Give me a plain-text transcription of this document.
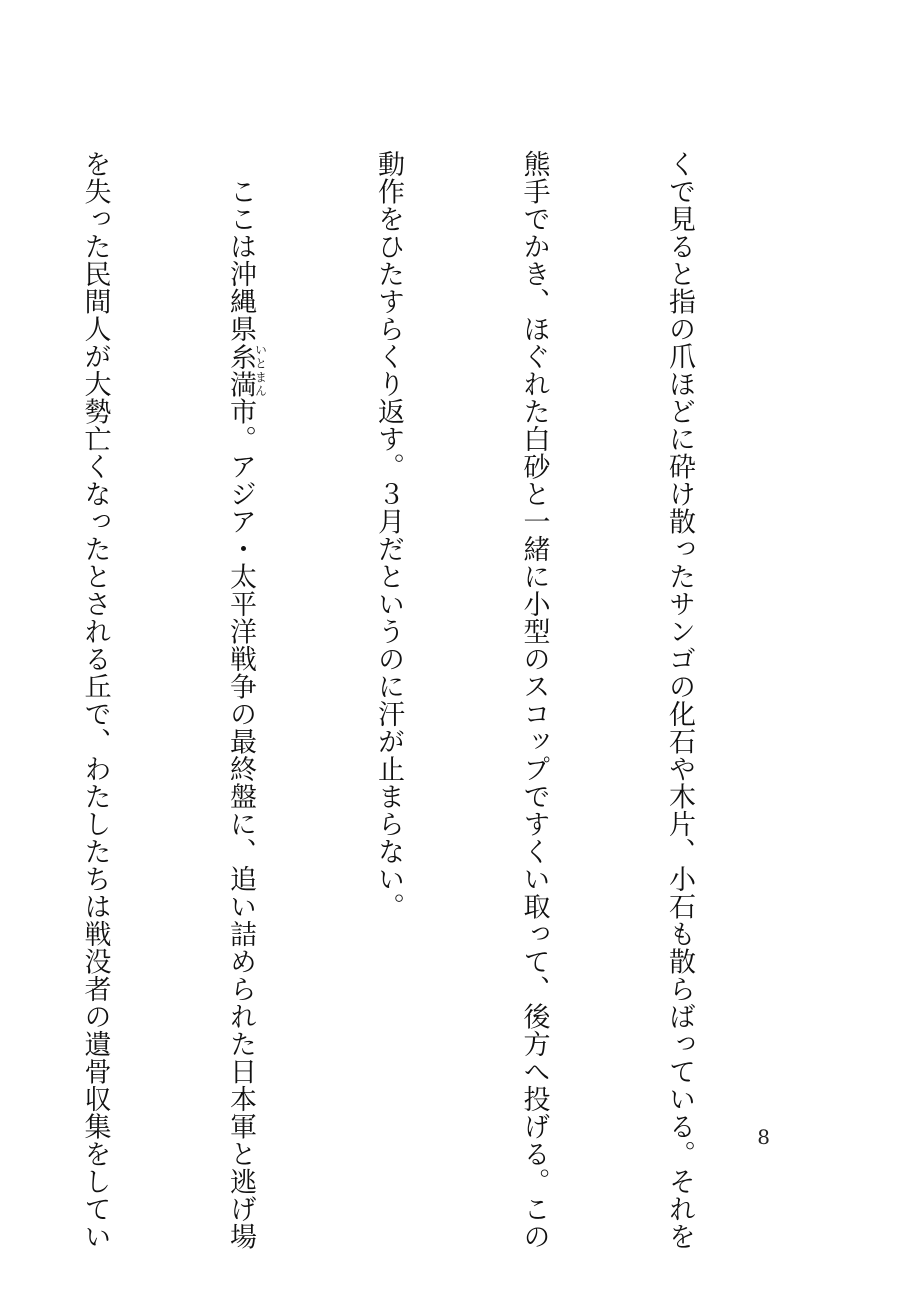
くで見ると指の爪ほどに砕け散ったサンゴの化石や木片、小石も散らばっている。それを

熊手でかき、ほぐれた白砂と一緒に小型のスコップですくい取って、後方へ投げる。この

動作をひたすらくり返す。３月だというのに汗が止まらない。

　ここは沖縄県糸満いとまん市。アジア・太平洋戦争の最終盤に、追い詰められた日本軍と逃げ場

を失った民間人が大勢亡くなったとされる丘で、わたしたちは戦没者の遺骨収集をしてい

	8
